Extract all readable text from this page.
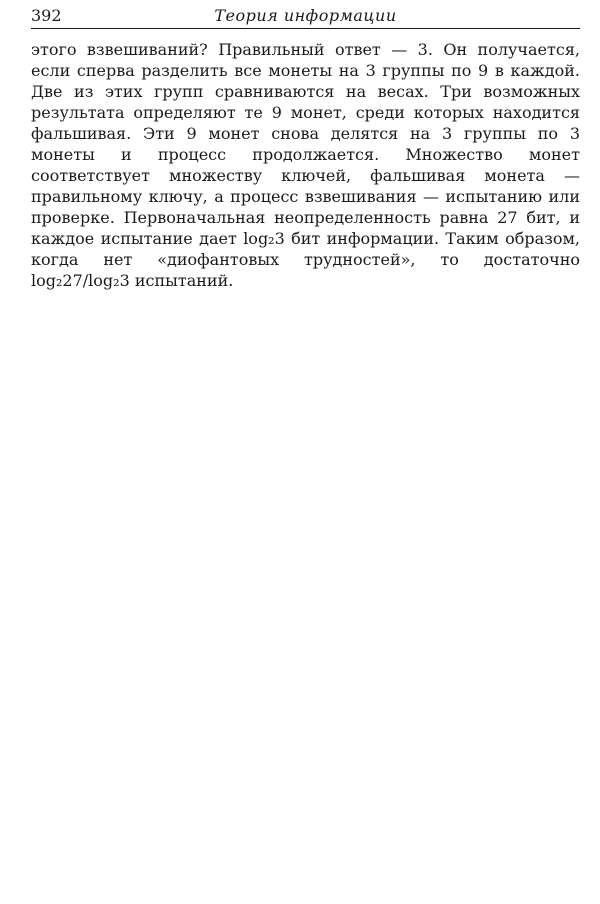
392	Теория информации

этого взвешиваний? Правильный ответ — 3. Он получается, если сперва разделить все монеты на 3 группы по 9 в каждой. Две из этих групп сравниваются на весах. Три возможных результата определяют те 9 монет, среди которых находится фальшивая. Эти 9 монет снова делятся на 3 группы по 3 монеты и процесс продолжается. Множество монет соответствует множеству ключей, фальшивая монета — правильному ключу, а процесс взвешивания — испытанию или проверке. Первоначальная неопределенность равна 27 бит, и каждое испытание дает log₂3 бит информации. Таким образом, когда нет «диофантовых трудностей», то достаточно log₂27/log₂3 испытаний.
